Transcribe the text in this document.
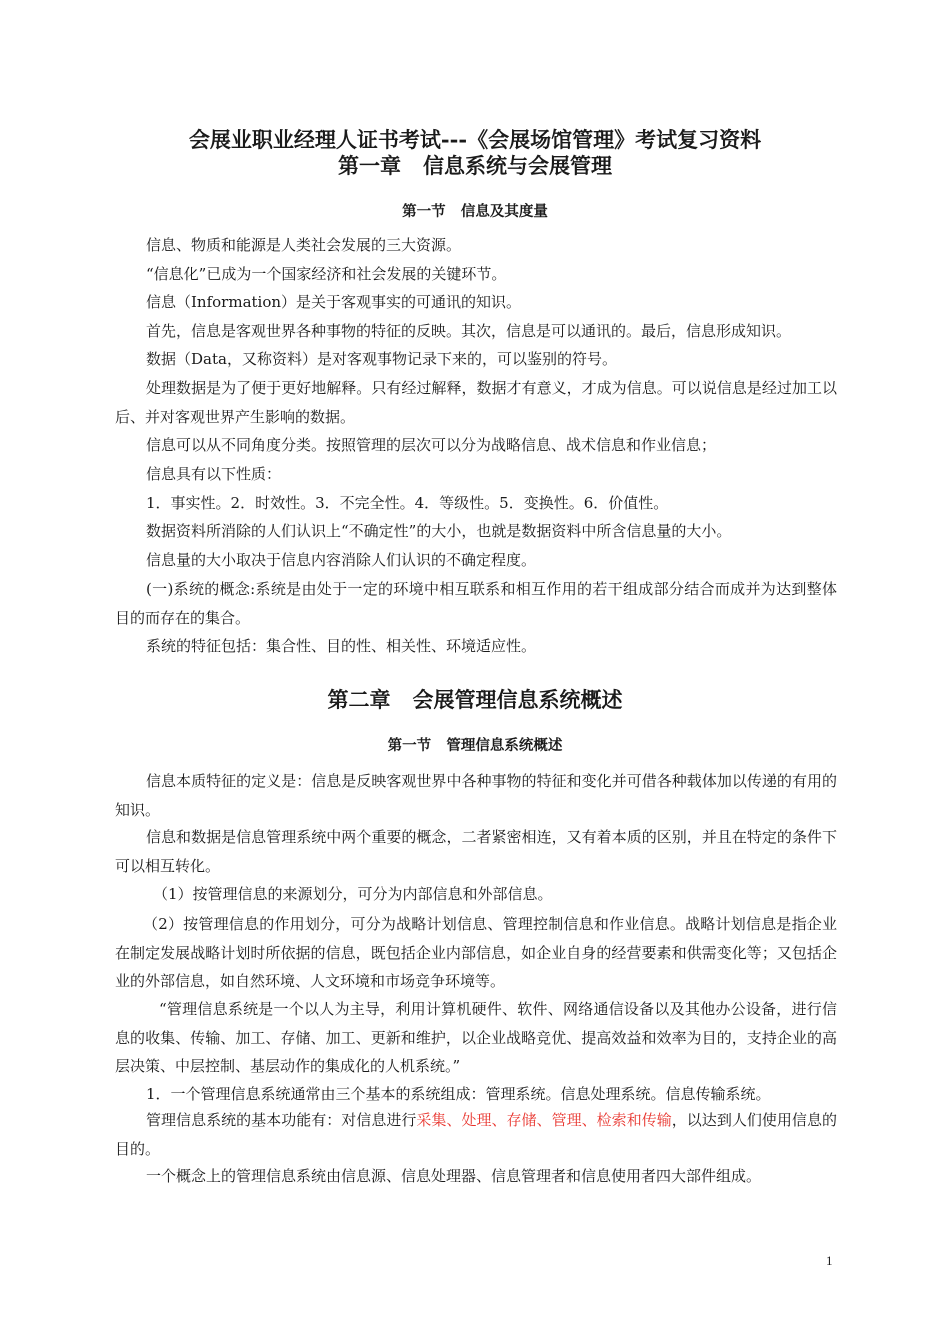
会展业职业经理人证书考试---《会展场馆管理》考试复习资料
第一章   信息系统与会展管理
第一节   信息及其度量
信息、物质和能源是人类社会发展的三大资源。
“信息化”已成为一个国家经济和社会发展的关键环节。
信息（Information）是关于客观事实的可通讯的知识。
首先，信息是客观世界各种事物的特征的反映。其次，信息是可以通讯的。最后，信息形成知识。
数据（Data，又称资料）是对客观事物记录下来的，可以鉴别的符号。
处理数据是为了便于更好地解释。只有经过解释，数据才有意义，才成为信息。可以说信息是经过加工以后、并对客观世界产生影响的数据。
信息可以从不同角度分类。按照管理的层次可以分为战略信息、战术信息和作业信息；
信息具有以下性质：
1．事实性。2．时效性。3．不完全性。4．等级性。5．变换性。6．价值性。
数据资料所消除的人们认识上“不确定性”的大小，也就是数据资料中所含信息量的大小。
信息量的大小取决于信息内容消除人们认识的不确定程度。
(一)系统的概念:系统是由处于一定的环境中相互联系和相互作用的若干组成部分结合而成并为达到整体 目的而存在的集合。
系统的特征包括：集合性、目的性、相关性、环境适应性。
第二章   会展管理信息系统概述
第一节   管理信息系统概述
信息本质特征的定义是：信息是反映客观世界中各种事物的特征和变化并可借各种载体加以传递的有用的知识。
信息和数据是信息管理系统中两个重要的概念，二者紧密相连，又有着本质的区别，并且在特定的条件下可以相互转化。
（1）按管理信息的来源划分，可分为内部信息和外部信息。
（2）按管理信息的作用划分，可分为战略计划信息、管理控制信息和作业信息。战略计划信息是指企业在制定发展战略计划时所依据的信息，既包括企业内部信息，如企业自身的经营要素和供需变化等；又包括企业的外部信息，如自然环境、人文环境和市场竞争环境等。
“管理信息系统是一个以人为主导，利用计算机硬件、软件、网络通信设备以及其他办公设备，进行信息的收集、传输、加工、存储、加工、更新和维护，以企业战略竞优、提高效益和效率为目的，支持企业的高层决策、中层控制、基层动作的集成化的人机系统。”
1．一个管理信息系统通常由三个基本的系统组成：管理系统。信息处理系统。信息传输系统。
管理信息系统的基本功能有：对信息进行采集、处理、存储、管理、检索和传输，以达到人们使用信息的目的。
一个概念上的管理信息系统由信息源、信息处理器、信息管理者和信息使用者四大部件组成。
1
